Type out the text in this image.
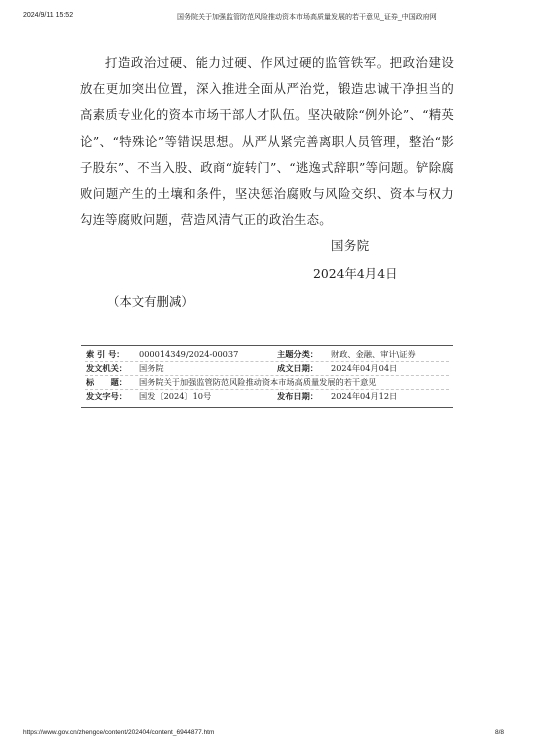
2024/9/11 15:52	国务院关于加强监管防范风险推动资本市场高质量发展的若干意见_证券_中国政府网

打造政治过硬、能力过硬、作风过硬的监管铁军。把政治建设放在更加突出位置，深入推进全面从严治党，锻造忠诚干净担当的高素质专业化的资本市场干部人才队伍。坚决破除“例外论”、“精英论”、“特殊论”等错误思想。从严从紧完善离职人员管理，整治“影子股东”、不当入股、政商“旋转门”、“逃逸式辞职”等问题。铲除腐败问题产生的土壤和条件，坚决惩治腐败与风险交织、资本与权力勾连等腐败问题，营造风清气正的政治生态。

国务院
2024年4月4日
（本文有删减）
索 引 号： 000014349/2024-00037	主题分类： 财政、金融、审计\证券
发文机关： 国务院	成文日期： 2024年04月04日
标　　题： 国务院关于加强监管防范风险推动资本市场高质量发展的若干意见
发文字号： 国发〔2024〕10号	发布日期： 2024年04月12日
https://www.gov.cn/zhengce/content/202404/content_6944877.htm	8/8
